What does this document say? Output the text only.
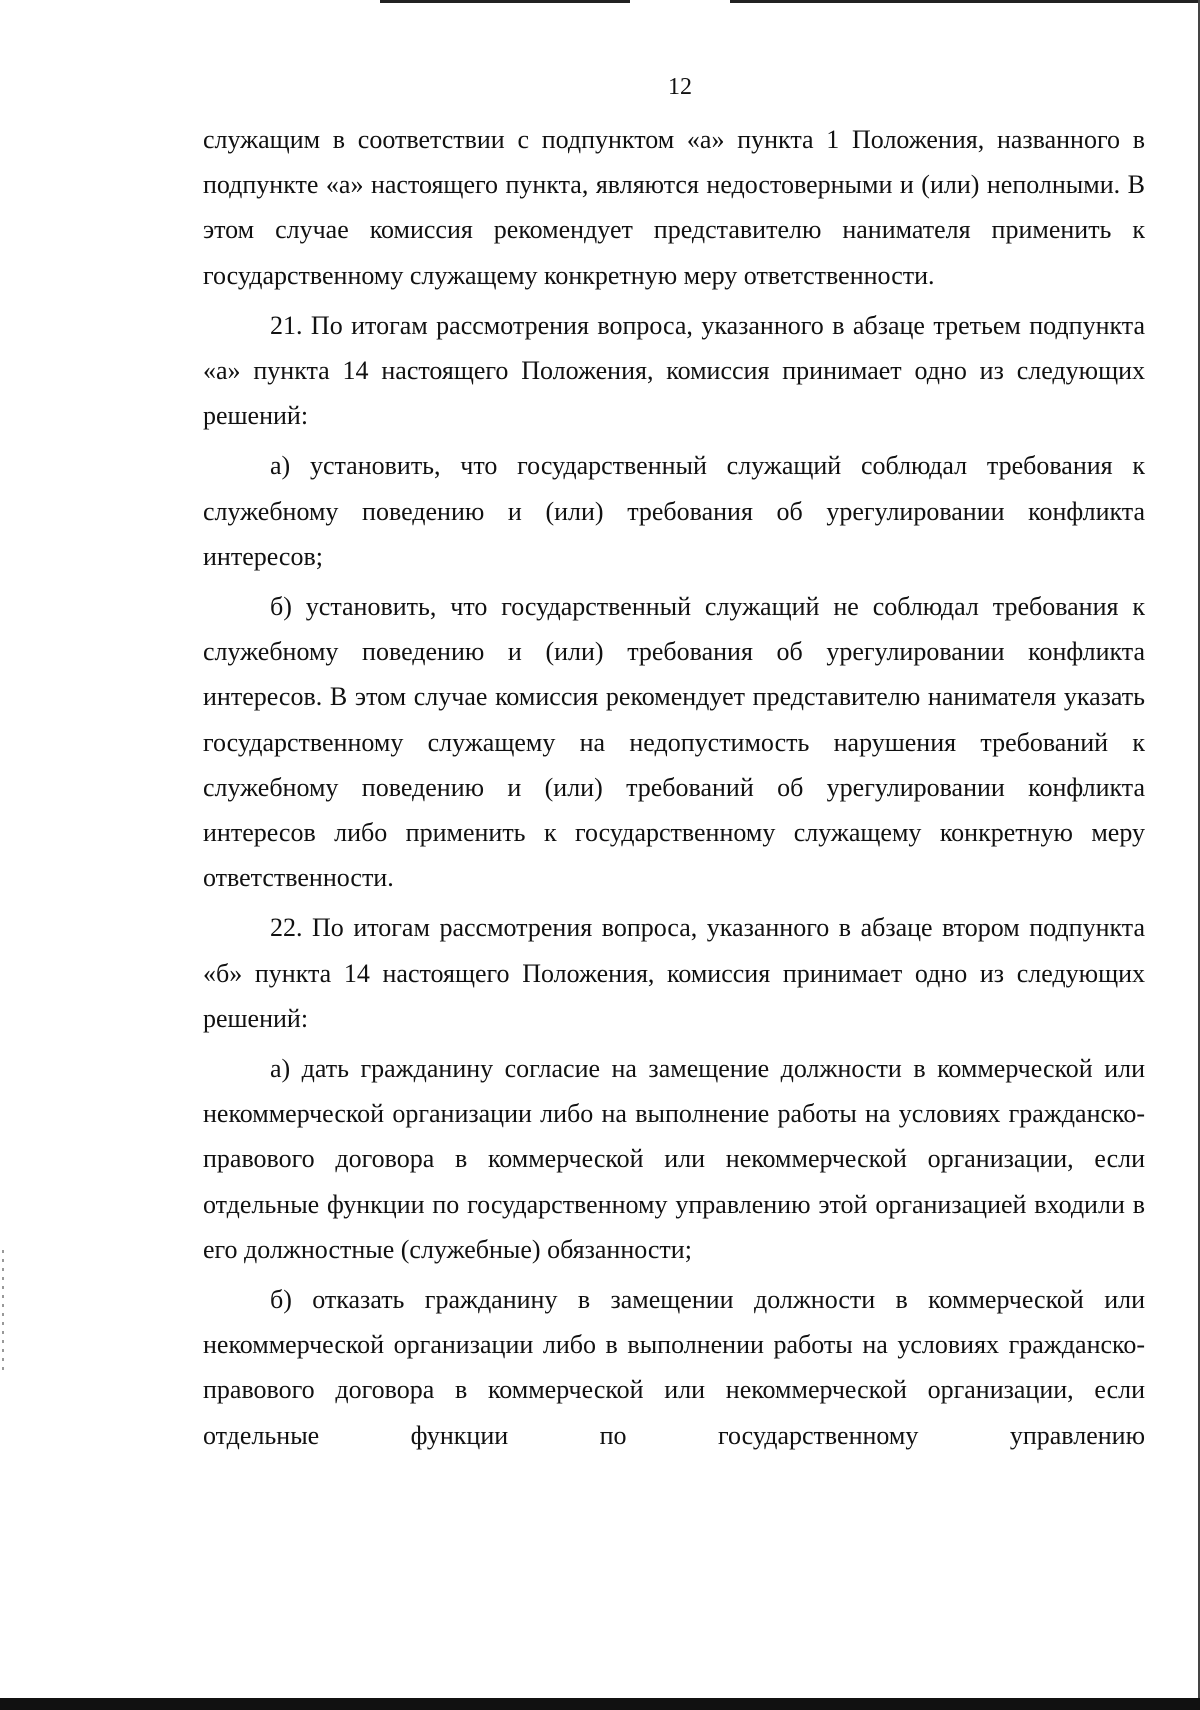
12

служащим в соответствии с подпунктом «а» пункта 1 Положения, названного в подпункте «а» настоящего пункта, являются недостоверными и (или) неполными. В этом случае комиссия рекомендует представителю нанимателя применить к государственному служащему конкретную меру ответственности.

21. По итогам рассмотрения вопроса, указанного в абзаце третьем подпункта «а» пункта 14 настоящего Положения, комиссия принимает одно из следующих решений:

а) установить, что государственный служащий соблюдал требования к служебному поведению и (или) требования об урегулировании конфликта интересов;

б) установить, что государственный служащий не соблюдал требования к служебному поведению и (или) требования об урегулировании конфликта интересов. В этом случае комиссия рекомендует представителю нанимателя указать государственному служащему на недопустимость нарушения требований к служебному поведению и (или) требований об урегулировании конфликта интересов либо применить к государственному служащему конкретную меру ответственности.

22. По итогам рассмотрения вопроса, указанного в абзаце втором подпункта «б» пункта 14 настоящего Положения, комиссия принимает одно из следующих решений:

а) дать гражданину согласие на замещение должности в коммерческой или некоммерческой организации либо на выполнение работы на условиях гражданско-правового договора в коммерческой или некоммерческой организации, если отдельные функции по государственному управлению этой организацией входили в его должностные (служебные) обязанности;

б) отказать гражданину в замещении должности в коммерческой или некоммерческой организации либо в выполнении работы на условиях гражданско-правового договора в коммерческой или некоммерческой организации, если отдельные функции по государственному управлению
